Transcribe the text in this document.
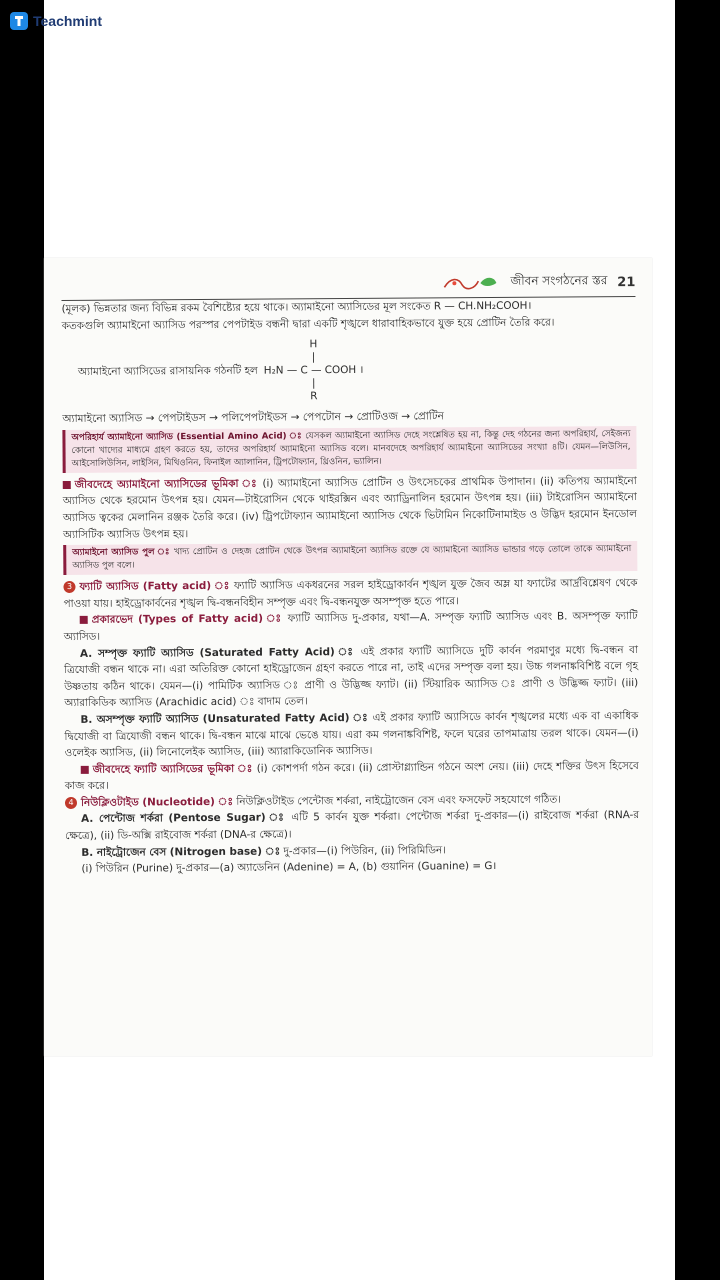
Teachmint
জীবন সংগঠনের স্তর 21

(মূলক) ভিন্নতার জন্য বিভিন্ন রকম বৈশিষ্ট্যের হয়ে থাকে। অ্যামাইনো অ্যাসিডের মূল সংকেত R — CH.NH₂COOH।

কতকগুলি অ্যামাইনো অ্যাসিড পরস্পর পেপটাইড বন্ধনী দ্বারা একটি শৃঙ্খলে ধারাবাহিকভাবে যুক্ত হয়ে প্রোটিন তৈরি করে।

অ্যামাইনো অ্যাসিডের রাসায়নিক গঠনটি হল
H
|
H₂N — C — COOH ।
|
R
অ্যামাইনো অ্যাসিড → পেপটাইডস → পলিপেপটাইডস → পেপটোন → প্রোটিওজ → প্রোটিন
অপরিহার্য অ্যামাইনো অ্যাসিড (Essential Amino Acid) ঃ যেসকল অ্যামাইনো অ্যাসিড দেহে সংশ্লেষিত হয় না, কিন্তু দেহ গঠনের জন্য অপরিহার্য, সেইজন্য কোনো খাদ্যের মাধ্যমে গ্রহণ করতে হয়, তাদের অপরিহার্য অ্যামাইনো অ্যাসিড বলে। মানবদেহে অপরিহার্য অ্যামাইনো অ্যাসিডের সংখ্যা ৪টি। যেমন—লিউসিন, আইসোলিউসিন, লাইসিন, মিথিওনিন, ফিনাইল অ্যালানিন, ট্রিপটোফ্যান, থ্রিওনিন, ভ্যালিন।

জীবদেহে অ্যামাইনো অ্যাসিডের ভূমিকা ঃ (i) অ্যামাইনো অ্যাসিড প্রোটিন ও উৎসেচকের প্রাথমিক উপাদান। (ii) কতিপয় অ্যামাইনো অ্যাসিড থেকে হরমোন উৎপন্ন হয়। যেমন—টাইরোসিন থেকে থাইরক্সিন এবং অ্যাড্রিনালিন হরমোন উৎপন্ন হয়। (iii) টাইরোসিন অ্যামাইনো অ্যাসিড ত্বকের মেলানিন রঞ্জক তৈরি করে। (iv) ট্রিপটোফ্যান অ্যামাইনো অ্যাসিড থেকে ভিটামিন নিকোটিনামাইড ও উদ্ভিদ হরমোন ইনডোল অ্যাসিটিক অ্যাসিড উৎপন্ন হয়।

অ্যামাইনো অ্যাসিড পুল ঃ খাদ্য প্রোটিন ও দেহজ প্রোটিন থেকে উৎপন্ন অ্যামাইনো অ্যাসিড রক্তে যে অ্যামাইনো অ্যাসিড ভান্ডার গড়ে তোলে তাকে অ্যামাইনো অ্যাসিড পুল বলে।

3 ফ্যাটি অ্যাসিড (Fatty acid) ঃ ফ্যাটি অ্যাসিড একধরনের সরল হাইড্রোকার্বন শৃঙ্খল যুক্ত জৈব অম্ল যা ফ্যাটের আর্দ্রবিশ্লেষণ থেকে পাওয়া যায়। হাইড্রোকার্বনের শৃঙ্খল দ্বি-বন্ধনবিহীন সম্পৃক্ত এবং দ্বি-বন্ধনযুক্ত অসম্পৃক্ত হতে পারে।

প্রকারভেদ (Types of Fatty acid) ঃ ফ্যাটি অ্যাসিড দু-প্রকার, যথা—A. সম্পৃক্ত ফ্যাটি অ্যাসিড এবং B. অসম্পৃক্ত ফ্যাটি অ্যাসিড।

A. সম্পৃক্ত ফ্যাটি অ্যাসিড (Saturated Fatty Acid) ঃ এই প্রকার ফ্যাটি অ্যাসিডে দুটি কার্বন পরমাণুর মধ্যে দ্বি-বন্ধন বা ত্রিযোজী বন্ধন থাকে না। এরা অতিরিক্ত কোনো হাইড্রোজেন গ্রহণ করতে পারে না, তাই এদের সম্পৃক্ত বলা হয়। উচ্চ গলনাঙ্কবিশিষ্ট বলে গৃহ উষ্ণতায় কঠিন থাকে। যেমন—(i) পামিটিক অ্যাসিড ঃ প্রাণী ও উদ্ভিজ্জ ফ্যাট। (ii) স্টিয়ারিক অ্যাসিড ঃ প্রাণী ও উদ্ভিজ্জ ফ্যাট। (iii) অ্যারাকিডিক অ্যাসিড (Arachidic acid) ঃ বাদাম তেল।

B. অসম্পৃক্ত ফ্যাটি অ্যাসিড (Unsaturated Fatty Acid) ঃ এই প্রকার ফ্যাটি অ্যাসিডে কার্বন শৃঙ্খলের মধ্যে এক বা একাধিক দ্বিযোজী বা ত্রিযোজী বন্ধন থাকে। দ্বি-বন্ধন মাঝে মাঝে ভেঙে যায়। এরা কম গলনাঙ্কবিশিষ্ট, ফলে ঘরের তাপমাত্রায় তরল থাকে। যেমন—(i) ওলেইক অ্যাসিড, (ii) লিনোলেইক অ্যাসিড, (iii) অ্যারাকিডোনিক অ্যাসিড।

জীবদেহে ফ্যাটি অ্যাসিডের ভূমিকা ঃ (i) কোশপর্দা গঠন করে। (ii) প্রোস্টাগ্ল্যান্ডিন গঠনে অংশ নেয়। (iii) দেহে শক্তির উৎস হিসেবে কাজ করে।

4 নিউক্লিওটাইড (Nucleotide) ঃ নিউক্লিওটাইড পেন্টোজ শর্করা, নাইট্রোজেন বেস এবং ফসফেট সহযোগে গঠিত।

A. পেন্টোজ শর্করা (Pentose Sugar) ঃ এটি 5 কার্বন যুক্ত শর্করা। পেন্টোজ শর্করা দু-প্রকার—(i) রাইবোজ শর্করা (RNA-র ক্ষেত্রে), (ii) ডি-অক্সি রাইবোজ শর্করা (DNA-র ক্ষেত্রে)।

B. নাইট্রোজেন বেস (Nitrogen base) ঃ দু-প্রকার—(i) পিউরিন, (ii) পিরিমিডিন।

(i) পিউরিন (Purine) দু-প্রকার—(a) অ্যাডেনিন (Adenine) = A, (b) গুয়ানিন (Guanine) = G।
